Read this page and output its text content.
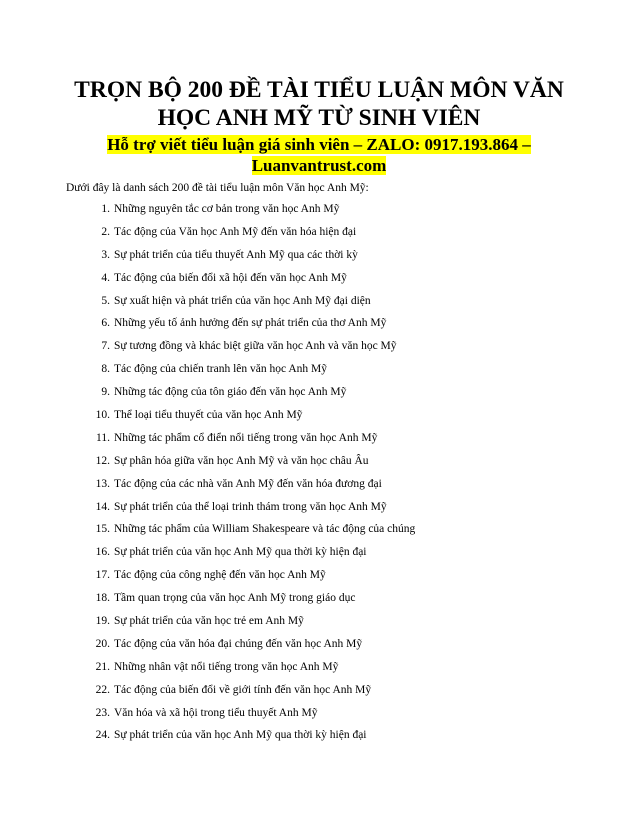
TRỌN BỘ 200 ĐỀ TÀI TIỂU LUẬN MÔN VĂN
HỌC ANH MỸ TỪ SINH VIÊN

Hỗ trợ viết tiểu luận giá sinh viên – ZALO: 0917.193.864 –
Luanvantrust.com

Dưới đây là danh sách 200 đề tài tiểu luận môn Văn học Anh Mỹ:

1. Những nguyên tắc cơ bản trong văn học Anh Mỹ
2. Tác động của Văn học Anh Mỹ đến văn hóa hiện đại
3. Sự phát triển của tiểu thuyết Anh Mỹ qua các thời kỳ
4. Tác động của biến đổi xã hội đến văn học Anh Mỹ
5. Sự xuất hiện và phát triển của văn học Anh Mỹ đại diện
6. Những yếu tố ảnh hưởng đến sự phát triển của thơ Anh Mỹ
7. Sự tương đồng và khác biệt giữa văn học Anh và văn học Mỹ
8. Tác động của chiến tranh lên văn học Anh Mỹ
9. Những tác động của tôn giáo đến văn học Anh Mỹ
10. Thể loại tiểu thuyết của văn học Anh Mỹ
11. Những tác phẩm cổ điển nổi tiếng trong văn học Anh Mỹ
12. Sự phân hóa giữa văn học Anh Mỹ và văn học châu Âu
13. Tác động của các nhà văn Anh Mỹ đến văn hóa đương đại
14. Sự phát triển của thể loại trinh thám trong văn học Anh Mỹ
15. Những tác phẩm của William Shakespeare và tác động của chúng
16. Sự phát triển của văn học Anh Mỹ qua thời kỳ hiện đại
17. Tác động của công nghệ đến văn học Anh Mỹ
18. Tầm quan trọng của văn học Anh Mỹ trong giáo dục
19. Sự phát triển của văn học trẻ em Anh Mỹ
20. Tác động của văn hóa đại chúng đến văn học Anh Mỹ
21. Những nhân vật nổi tiếng trong văn học Anh Mỹ
22. Tác động của biến đổi về giới tính đến văn học Anh Mỹ
23. Văn hóa và xã hội trong tiểu thuyết Anh Mỹ
24. Sự phát triển của văn học Anh Mỹ qua thời kỳ hiện đại
